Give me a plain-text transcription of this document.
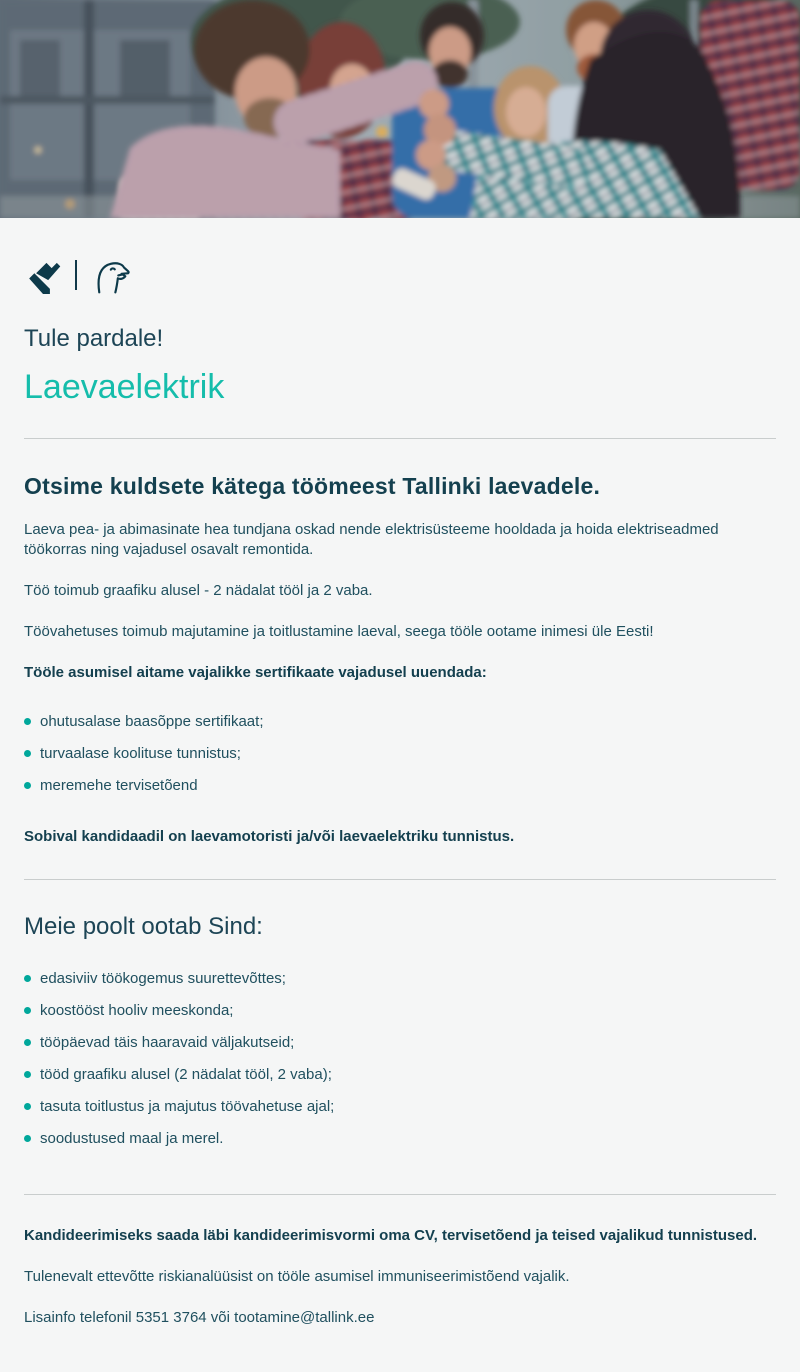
Tule pardale!
Laevaelektrik
Otsime kuldsete kätega töömeest Tallinki laevadele.

Laeva pea- ja abimasinate hea tundjana oskad nende elektrisüsteeme hooldada ja hoida elektriseadmed töökorras ning vajadusel osavalt remontida.

Töö toimub graafiku alusel - 2 nädalat tööl ja 2 vaba.

Töövahetuses toimub majutamine ja toitlustamine laeval, seega tööle ootame inimesi üle Eesti!

Tööle asumisel aitame vajalikke sertifikaate vajadusel uuendada:

ohutusalase baasõppe sertifikaat;
turvaalase koolituse tunnistus;
meremehe tervisetõend

Sobival kandidaadil on laevamotoristi ja/või laevaelektriku tunnistus.

Meie poolt ootab Sind:
edasiviiv töökogemus suurettevõttes;
koostööst hooliv meeskonda;
tööpäevad täis haaravaid väljakutseid;
tööd graafiku alusel (2 nädalat tööl, 2 vaba);
tasuta toitlustus ja majutus töövahetuse ajal;
soodustused maal ja merel.

Kandideerimiseks saada läbi kandideerimisvormi oma CV, tervisetõend ja teised vajalikud tunnistused.

Tulenevalt ettevõtte riskianalüüsist on tööle asumisel immuniseerimistõend vajalik.

Lisainfo telefonil 5351 3764 või tootamine@tallink.ee
